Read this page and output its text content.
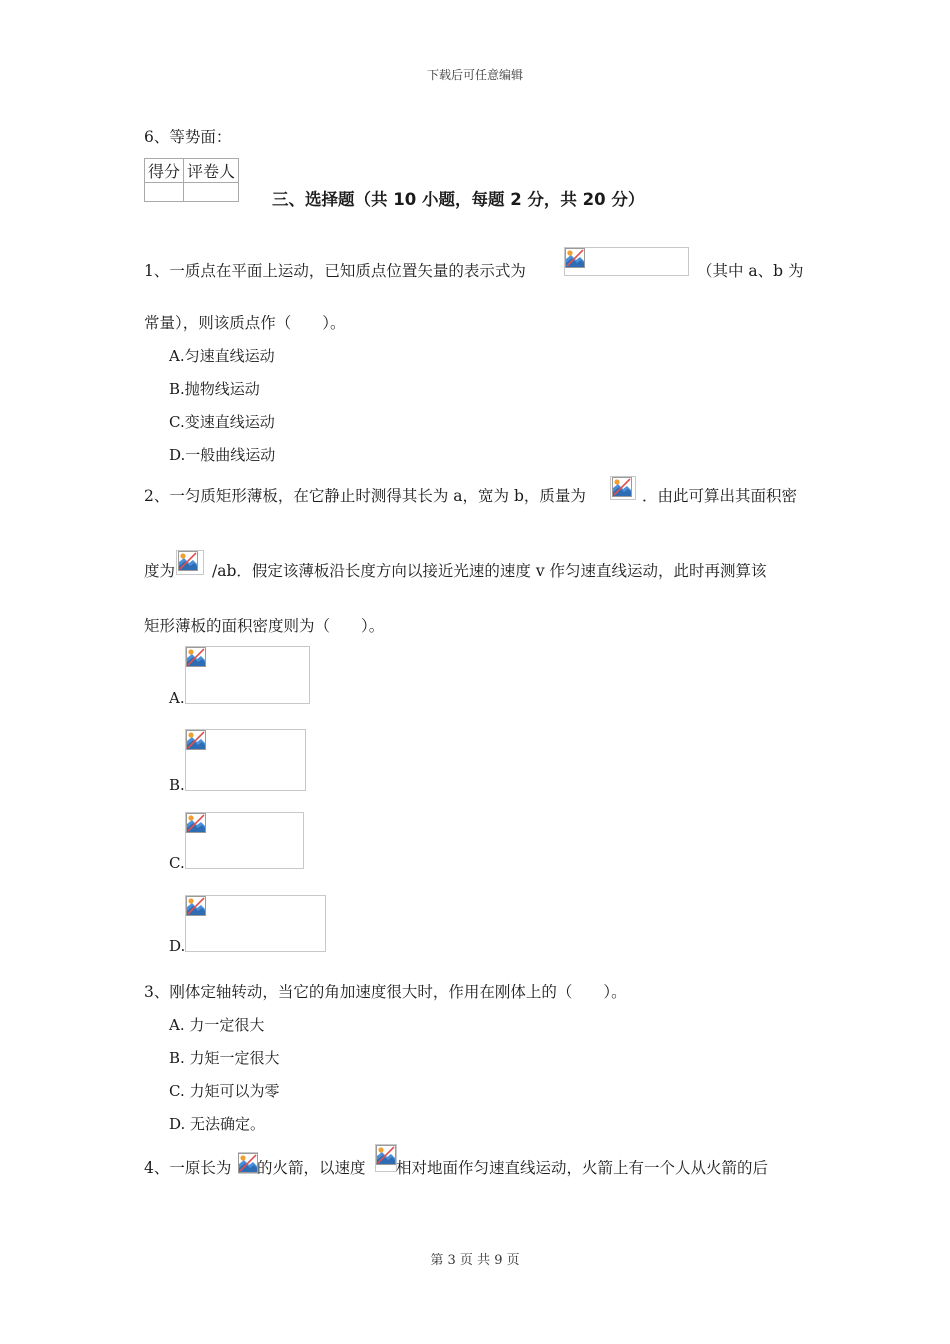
下载后可任意编辑
6、等势面：
得分	评卷人

三、选择题（共 10 小题，每题 2 分，共 20 分）
1、一质点在平面上运动，已知质点位置矢量的表示式为	（其中 a、b 为
常量），则该质点作（　　）。
A.匀速直线运动
B.抛物线运动
C.变速直线运动
D.一般曲线运动
2、一匀质矩形薄板，在它静止时测得其长为 a，宽为 b，质量为	．由此可算出其面积密
度为 /ab．假定该薄板沿长度方向以接近光速的速度 v 作匀速直线运动，此时再测算该
矩形薄板的面积密度则为（　　）。
A.
B.
C.
D.
3、刚体定轴转动，当它的角加速度很大时，作用在刚体上的（　　）。
A. 力一定很大
B. 力矩一定很大
C. 力矩可以为零
D. 无法确定。
4、一原长为 的火箭，以速度 相对地面作匀速直线运动，火箭上有一个人从火箭的后
第 3 页 共 9 页
